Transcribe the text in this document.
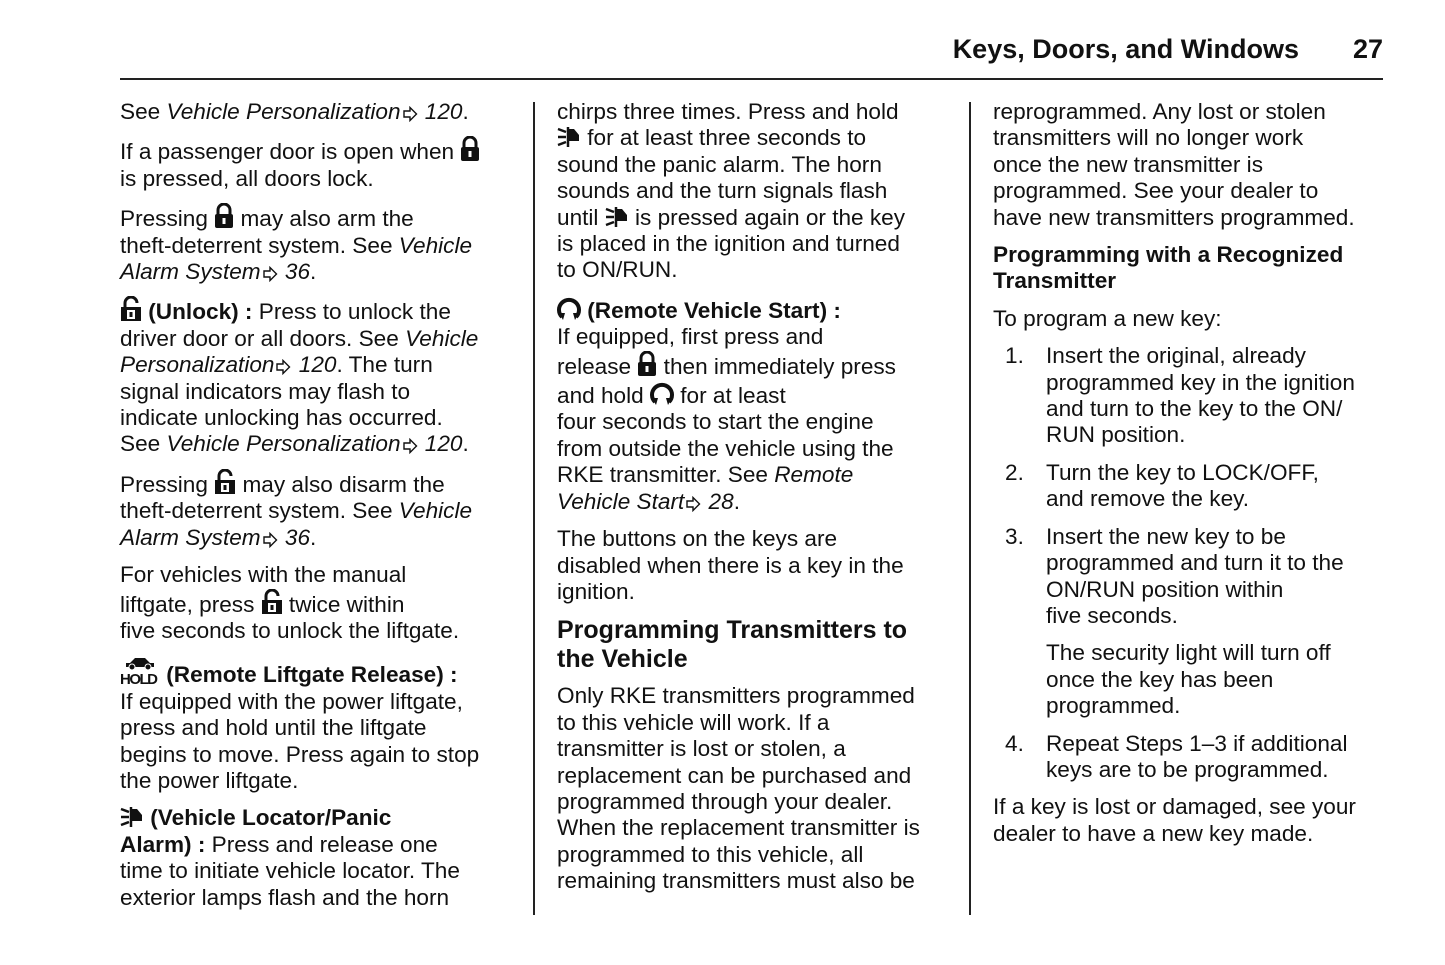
Keys, Doors, and Windows 27
See Vehicle Personalization
120.
If a passenger door is open when
is pressed, all doors lock.
Pressing
may also arm the
theft-deterrent system. See Vehicle
Alarm System
36.
(Unlock) : Press to unlock the
driver door or all doors. See Vehicle
Personalization
120. The turn
signal indicators may flash to
indicate unlocking has occurred.
See Vehicle Personalization
120.
Pressing
may also disarm the
theft-deterrent system. See Vehicle
Alarm System
36.
For vehicles with the manual
liftgate, press
twice within
five seconds to unlock the liftgate.
HOLD (Remote Liftgate Release) :
If equipped with the power liftgate,
press and hold until the liftgate
begins to move. Press again to stop
the power liftgate.
(Vehicle Locator/Panic
Alarm) : Press and release one
time to initiate vehicle locator. The
exterior lamps flash and the horn
chirps three times. Press and hold
for at least three seconds to
sound the panic alarm. The horn
sounds and the turn signals flash
until
is pressed again or the key
is placed in the ignition and turned
to ON/RUN.
(Remote Vehicle Start) :
If equipped, first press and
release
then immediately press
and hold
for at least
four seconds to start the engine
from outside the vehicle using the
RKE transmitter. See Remote
Vehicle Start
28.
The buttons on the keys are
disabled when there is a key in the
ignition.
Programming Transmitters to
the Vehicle
Only RKE transmitters programmed
to this vehicle will work. If a
transmitter is lost or stolen, a
replacement can be purchased and
programmed through your dealer.
When the replacement transmitter is
programmed to this vehicle, all
remaining transmitters must also be
reprogrammed. Any lost or stolen
transmitters will no longer work
once the new transmitter is
programmed. See your dealer to
have new transmitters programmed.
Programming with a Recognized
Transmitter
To program a new key:
1. Insert the original, already
programmed key in the ignition
and turn to the key to the ON/
RUN position.
2. Turn the key to LOCK/OFF,
and remove the key.
3. Insert the new key to be
programmed and turn it to the
ON/RUN position within
five seconds.
The security light will turn off
once the key has been
programmed.
4. Repeat Steps 1–3 if additional
keys are to be programmed.
If a key is lost or damaged, see your
dealer to have a new key made.
